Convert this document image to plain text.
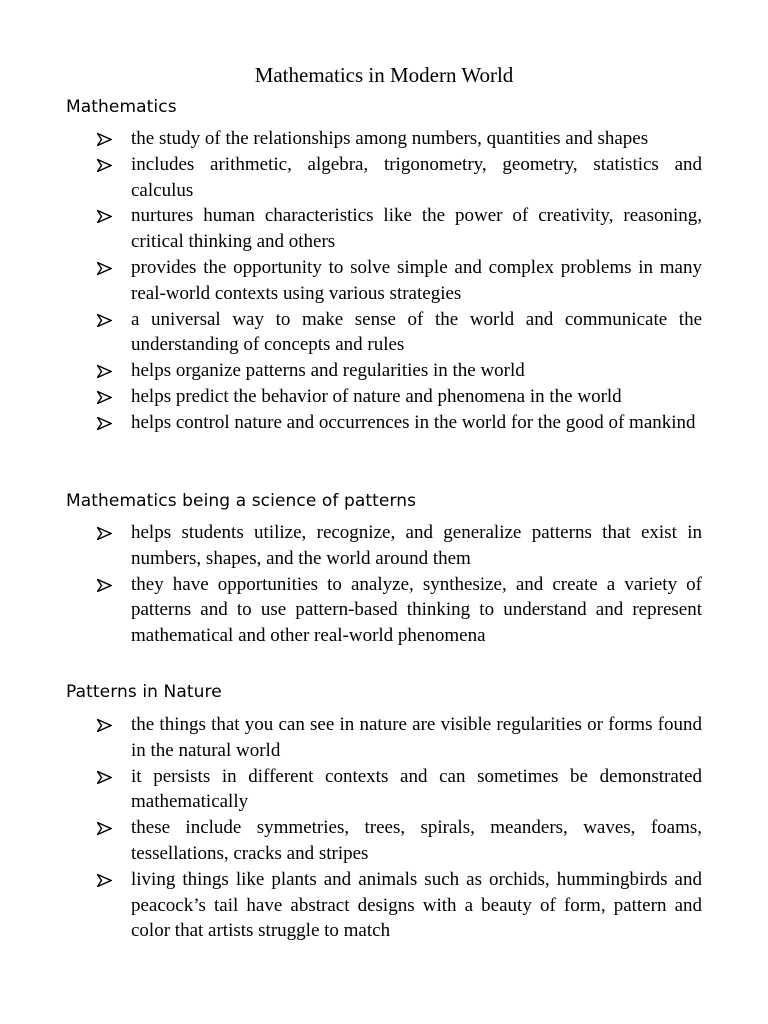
Mathematics in Modern World
Mathematics
the study of the relationships among numbers, quantities and shapes
includes arithmetic, algebra, trigonometry, geometry, statistics and calculus
nurtures human characteristics like the power of creativity, reasoning, critical thinking and others
provides the opportunity to solve simple and complex problems in many real-world contexts using various strategies
a universal way to make sense of the world and communicate the understanding of concepts and rules
helps organize patterns and regularities in the world
helps predict the behavior of nature and phenomena in the world
helps control nature and occurrences in the world for the good of mankind
Mathematics being a science of patterns
helps students utilize, recognize, and generalize patterns that exist in numbers, shapes, and the world around them
they have opportunities to analyze, synthesize, and create a variety of patterns and to use pattern-based thinking to understand and represent mathematical and other real-world phenomena
Patterns in Nature
the things that you can see in nature are visible regularities or forms found in the natural world
it persists in different contexts and can sometimes be demonstrated mathematically
these include symmetries, trees, spirals, meanders, waves, foams, tessellations, cracks and stripes
living things like plants and animals such as orchids, hummingbirds and peacock’s tail have abstract designs with a beauty of form, pattern and color that artists struggle to match
